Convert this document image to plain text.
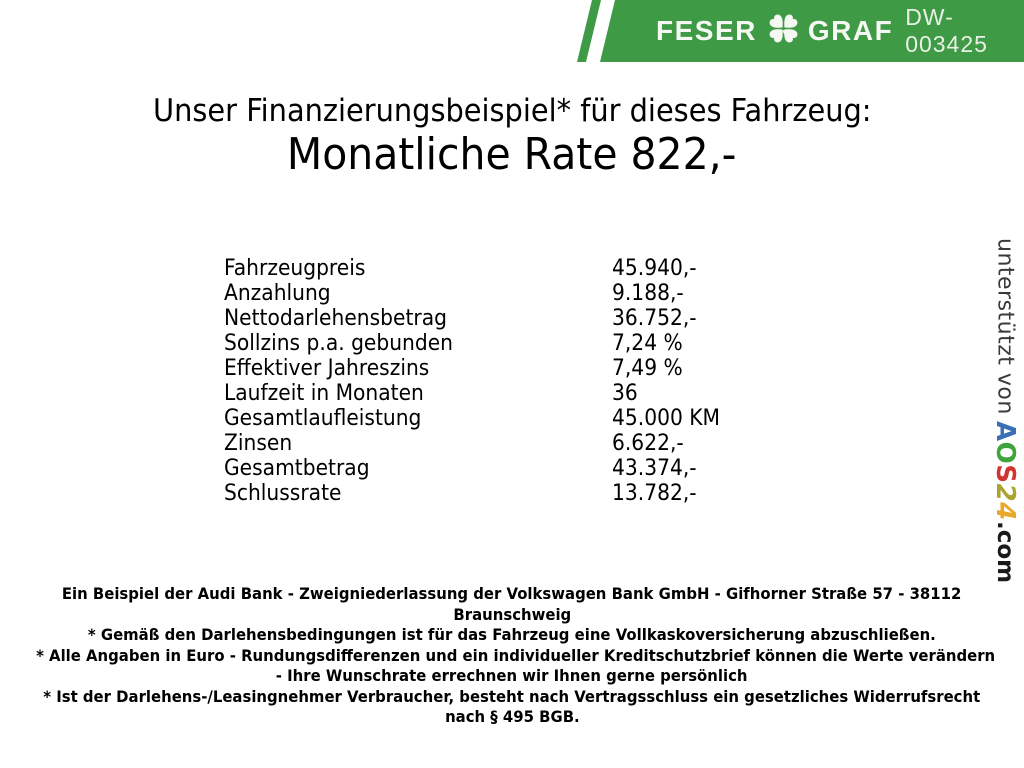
FESER GRAF DW-003425
Unser Finanzierungsbeispiel* für dieses Fahrzeug:
Monatliche Rate 822,-
Fahrzeugpreis	45.940,-
Anzahlung	9.188,-
Nettodarlehensbetrag	36.752,-
Sollzins p.a. gebunden	7,24 %
Effektiver Jahreszins	7,49 %
Laufzeit in Monaten	36
Gesamtlaufleistung	45.000 KM
Zinsen	6.622,-
Gesamtbetrag	43.374,-
Schlussrate	13.782,-
unterstützt von
AOS24
.com
Ein Beispiel der Audi Bank - Zweigniederlassung der Volkswagen Bank GmbH - Gifhorner Straße 57 - 38112
Braunschweig
* Gemäß den Darlehensbedingungen ist für das Fahrzeug eine Vollkaskoversicherung abzuschließen.
* Alle Angaben in Euro - Rundungsdifferenzen und ein individueller Kreditschutzbrief können die Werte verändern
- Ihre Wunschrate errechnen wir Ihnen gerne persönlich
* Ist der Darlehens-/Leasingnehmer Verbraucher, besteht nach Vertragsschluss ein gesetzliches Widerrufsrecht
nach § 495 BGB.
